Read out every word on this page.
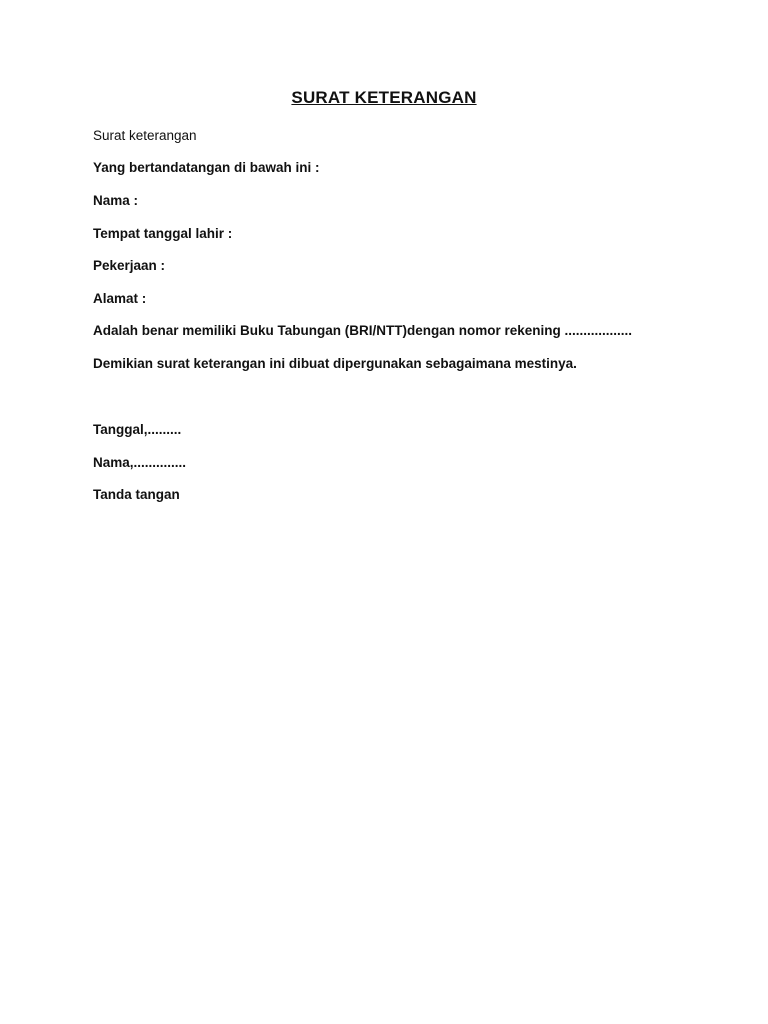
SURAT KETERANGAN
Surat keterangan
Yang bertandatangan di bawah ini :
Nama :
Tempat tanggal lahir :
Pekerjaan :
Alamat :
Adalah benar memiliki Buku Tabungan (BRI/NTT)dengan nomor rekening ..................
Demikian surat keterangan ini dibuat dipergunakan sebagaimana mestinya.
Tanggal,.........
Nama,..............
Tanda tangan
